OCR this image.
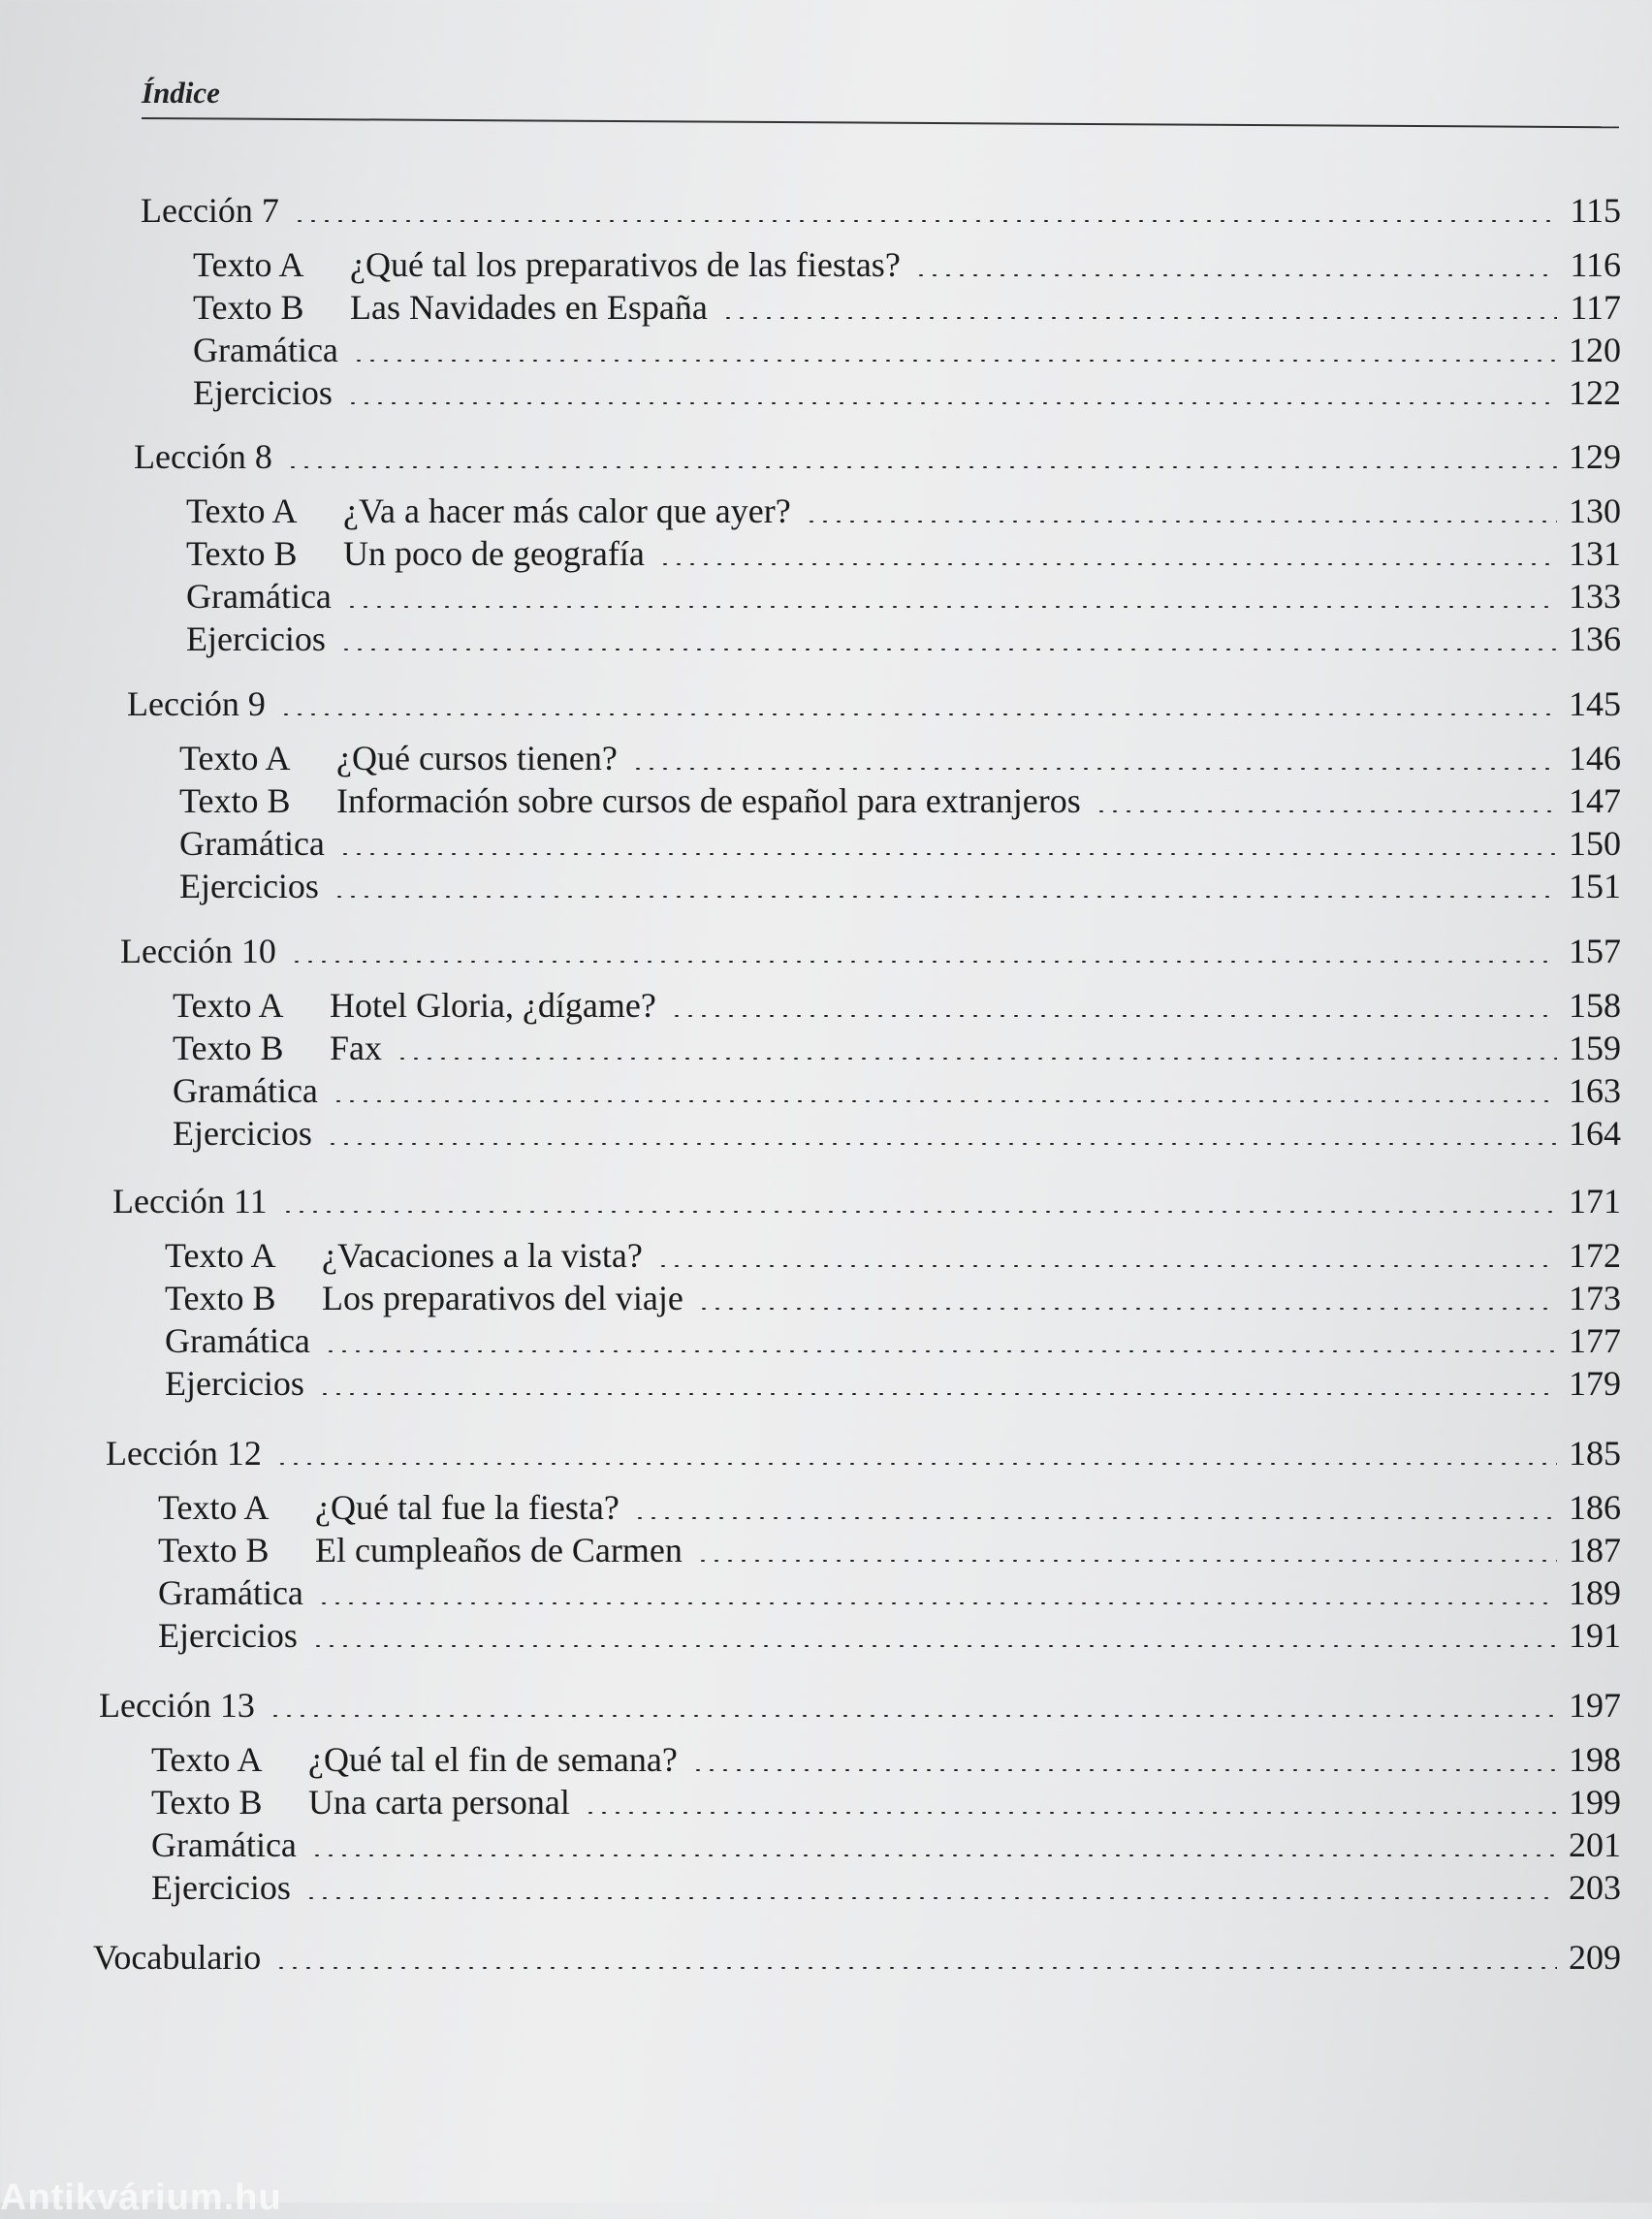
Índice
Lección 7	115
Texto A ¿Qué tal los preparativos de las fiestas?	116
Texto B Las Navidades en España	117
Gramática	120
Ejercicios	122
Lección 8	129
Texto A ¿Va a hacer más calor que ayer?	130
Texto B Un poco de geografía	131
Gramática	133
Ejercicios	136
Lección 9	145
Texto A ¿Qué cursos tienen?	146
Texto B Información sobre cursos de español para extranjeros	147
Gramática	150
Ejercicios	151
Lección 10	157
Texto A Hotel Gloria, ¿dígame?	158
Texto B Fax	159
Gramática	163
Ejercicios	164
Lección 11	171
Texto A ¿Vacaciones a la vista?	172
Texto B Los preparativos del viaje	173
Gramática	177
Ejercicios	179
Lección 12	185
Texto A ¿Qué tal fue la fiesta?	186
Texto B El cumpleaños de Carmen	187
Gramática	189
Ejercicios	191
Lección 13	197
Texto A ¿Qué tal el fin de semana?	198
Texto B Una carta personal	199
Gramática	201
Ejercicios	203
Vocabulario	209
Antikvárium.hu
